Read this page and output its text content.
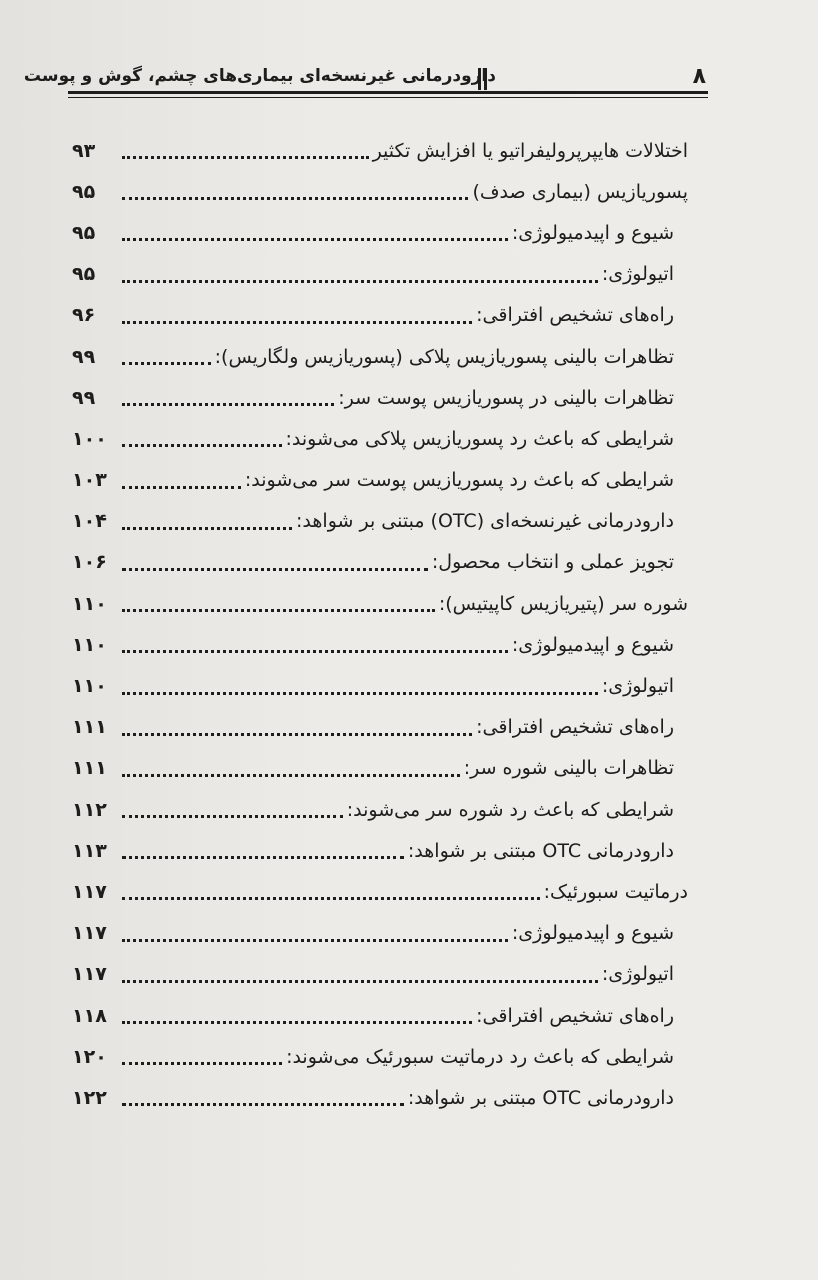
۸
دارودرمانی غیرنسخه‌ای بیماری‌های چشم، گوش و پوست
اختلالات هایپرپرولیفراتیو یا افزایش تکثیر
۹۳
پسوریازیس (بیماری صدف)
۹۵
شیوع و اپیدمیولوژی:
۹۵
اتیولوژی:
۹۵
راه‌های تشخیص افتراقی:
۹۶
تظاهرات بالینی پسوریازیس پلاکی (پسوریازیس ولگاریس):
۹۹
تظاهرات بالینی در پسوریازیس پوست سر:
۹۹
شرایطی که باعث رد پسوریازیس پلاکی می‌شوند:
۱۰۰
شرایطی که باعث رد پسوریازیس پوست سر می‌شوند:
۱۰۳
دارودرمانی غیرنسخه‌ای (OTC) مبتنی بر شواهد:
۱۰۴
تجویز عملی و انتخاب محصول:
۱۰۶
شوره سر (پتیریازیس کاپیتیس):
۱۱۰
شیوع و اپیدمیولوژی:
۱۱۰
اتیولوژی:
۱۱۰
راه‌های تشخیص افتراقی:
۱۱۱
تظاهرات بالینی شوره سر:
۱۱۱
شرایطی که باعث رد شوره سر می‌شوند:
۱۱۲
دارودرمانی OTC مبتنی بر شواهد:
۱۱۳
درماتیت سبورئیک:
۱۱۷
شیوع و اپیدمیولوژی:
۱۱۷
اتیولوژی:
۱۱۷
راه‌های تشخیص افتراقی:
۱۱۸
شرایطی که باعث رد درماتیت سبورئیک می‌شوند:
۱۲۰
دارودرمانی OTC مبتنی بر شواهد:
۱۲۲
